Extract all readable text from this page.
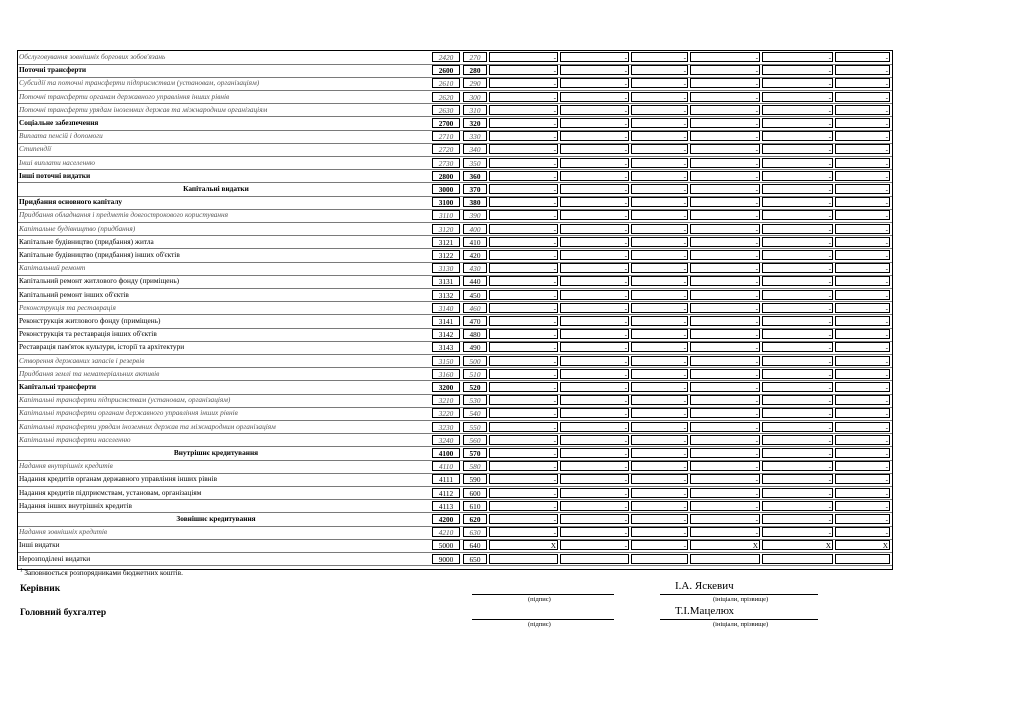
Обслуговування зовнішніх боргових зобов'язань	2420	270	-	-	-	-	-	-
Поточні трансферти	2600	280	-	-	-	-	-	-
Субсидії та поточні трансферти підприємствам (установам, організаціям)	2610	290	-	-	-	-	-	-
Поточні трансферти органам державного управління інших рівнів	2620	300	-	-	-	-	-	-
Поточні трансферти урядам іноземних держав та міжнародним організаціям	2630	310	-	-	-	-	-	-
Соціальне забезпечення	2700	320	-	-	-	-	-	-
Виплата пенсій і допомоги	2710	330	-	-	-	-	-	-
Стипендії	2720	340	-	-	-	-	-	-
Інші виплати населенню	2730	350	-	-	-	-	-	-
Інші поточні видатки	2800	360	-	-	-	-	-	-
Капітальні видатки	3000	370	-	-	-	-	-	-
Придбання основного капіталу	3100	380	-	-	-	-	-	-
Придбання обладнання і предметів довгострокового користування	3110	390	-	-	-	-	-	-
Капітальне будівництво (придбання)	3120	400	-	-	-	-	-	-
Капітальне будівництво (придбання) житла	3121	410	-	-	-	-	-	-
Капітальне будівництво (придбання) інших об'єктів	3122	420	-	-	-	-	-	-
Капітальний ремонт	3130	430	-	-	-	-	-	-
Капітальний ремонт житлового фонду (приміщень)	3131	440	-	-	-	-	-	-
Капітальний ремонт інших об'єктів	3132	450	-	-	-	-	-	-
Реконструкція та реставрація	3140	460	-	-	-	-	-	-
Реконструкція житлового фонду (приміщень)	3141	470	-	-	-	-	-	-
Реконструкція та реставрація інших об'єктів	3142	480	-	-	-	-	-	-
Реставрація пам'яток культури, історії та архітектури	3143	490	-	-	-	-	-	-
Створення державних запасів і резервів	3150	500	-	-	-	-	-	-
Придбання землі та нематеріальних активів	3160	510	-	-	-	-	-	-
Капітальні трансферти	3200	520	-	-	-	-	-	-
Капітальні трансферти підприємствам (установам, організаціям)	3210	530	-	-	-	-	-	-
Капітальні трансферти органам державного управління інших рівнів	3220	540	-	-	-	-	-	-
Капітальні трансферти урядам іноземних держав та міжнародним організаціям	3230	550	-	-	-	-	-	-
Капітальні трансферти населенню	3240	560	-	-	-	-	-	-
Внутрішнє кредитування	4100	570	-	-	-	-	-	-
Надання внутрішніх кредитів	4110	580	-	-	-	-	-	-
Надання кредитів органам державного управління інших рівнів	4111	590	-	-	-	-	-	-
Надання кредитів підприємствам, установам, організаціям	4112	600	-	-	-	-	-	-
Надання інших внутрішніх кредитів	4113	610	-	-	-	-	-	-
Зовнішнє кредитування	4200	620	-	-	-	-	-	-
Надання зовнішніх кредитів	4210	630	-	-	-	-	-	-
Інші видатки	5000	640	Х	-	-	Х	Х	Х
Нерозподілені видатки	9000	650
$^1$ Заповнюється розпорядниками бюджетних коштів.
Керівник
(підпис)
І.А. Яскевич
(ініціали, прізвище)
Головний бухгалтер
(підпис)
Т.І.Мацелюх
(ініціали, прізвище)
